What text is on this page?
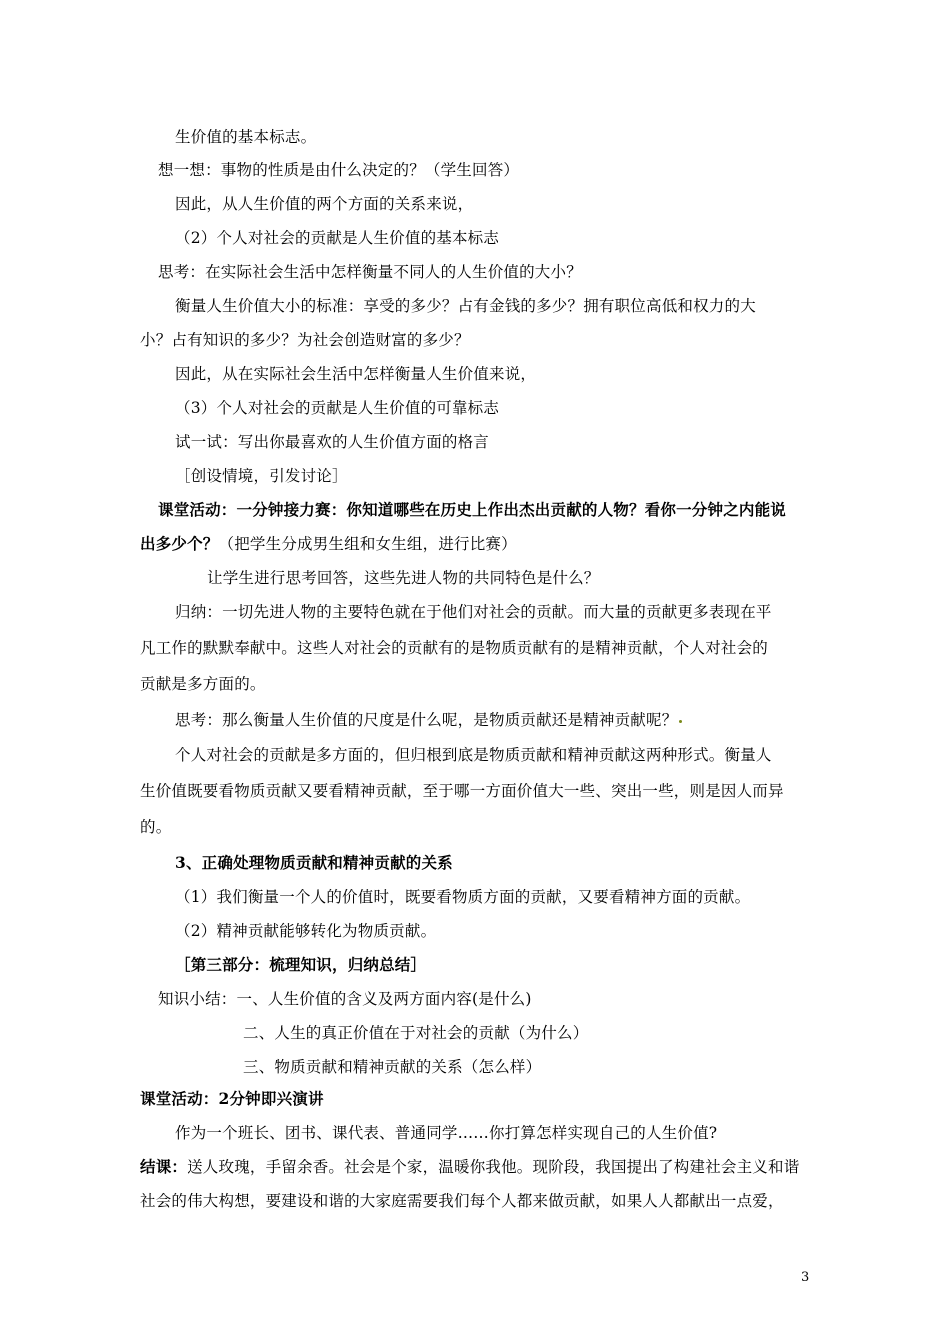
生价值的基本标志。
想一想：事物的性质是由什么决定的？（学生回答）
因此，从人生价值的两个方面的关系来说，
（2）个人对社会的贡献是人生价值的基本标志
思考：在实际社会生活中怎样衡量不同人的人生价值的大小？
衡量人生价值大小的标准：享受的多少？占有金钱的多少？拥有职位高低和权力的大
小？占有知识的多少？为社会创造财富的多少？
因此，从在实际社会生活中怎样衡量人生价值来说，
（3）个人对社会的贡献是人生价值的可靠标志
试一试：写出你最喜欢的人生价值方面的格言
［创设情境，引发讨论］
课堂活动：一分钟接力赛：你知道哪些在历史上作出杰出贡献的人物？看你一分钟之内能说
出多少个？（把学生分成男生组和女生组，进行比赛）
让学生进行思考回答，这些先进人物的共同特色是什么？
归纳：一切先进人物的主要特色就在于他们对社会的贡献。而大量的贡献更多表现在平
凡工作的默默奉献中。这些人对社会的贡献有的是物质贡献有的是精神贡献，个人对社会的
贡献是多方面的。
思考：那么衡量人生价值的尺度是什么呢，是物质贡献还是精神贡献呢？
个人对社会的贡献是多方面的，但归根到底是物质贡献和精神贡献这两种形式。衡量人
生价值既要看物质贡献又要看精神贡献，至于哪一方面价值大一些、突出一些，则是因人而异
的。
3、正确处理物质贡献和精神贡献的关系
（1）我们衡量一个人的价值时，既要看物质方面的贡献，又要看精神方面的贡献。
（2）精神贡献能够转化为物质贡献。
［第三部分：梳理知识，归纳总结］
知识小结：一、人生价值的含义及两方面内容(是什么)
二、人生的真正价值在于对社会的贡献（为什么）
三、物质贡献和精神贡献的关系（怎么样）
课堂活动：2分钟即兴演讲
作为一个班长、团书、课代表、普通同学……你打算怎样实现自己的人生价值?
结课：送人玫瑰，手留余香。社会是个家，温暖你我他。现阶段，我国提出了构建社会主义和谐
社会的伟大构想，要建设和谐的大家庭需要我们每个人都来做贡献，如果人人都献出一点爱，
3
